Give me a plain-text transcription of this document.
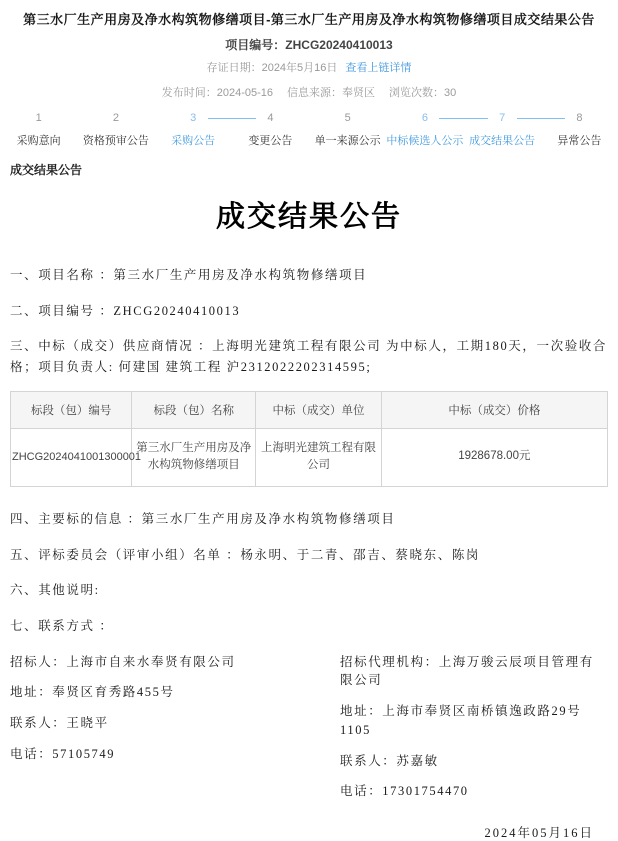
第三水厂生产用房及净水构筑物修缮项目-第三水厂生产用房及净水构筑物修缮项目成交结果公告
项目编号：ZHCG20240410013
存证日期：2024年5月16日 查看上链详情
发布时间：2024-05-16 信息来源：奉贤区 浏览次数：30
1
采购意向
2
资格预审公告
3
采购公告
4
变更公告
5
单一来源公示
6
中标候选人公示
7
成交结果公告
8
异常公告
成交结果公告
成交结果公告
一、项目名称 ：第三水厂生产用房及净水构筑物修缮项目
二、项目编号 ：ZHCG20240410013
三、中标（成交）供应商情况 ：上海明光建筑工程有限公司 为中标人，工期180天，一次验收合格；项目负责人: 何建国 建筑工程 沪2312022202314595;
标段（包）编号	标段（包）名称	中标（成交）单位	中标（成交）价格
ZHCG2024041001300001	第三水厂生产用房及净水构筑物修缮项目	上海明光建筑工程有限公司	1928678.00元
四、主要标的信息 ：第三水厂生产用房及净水构筑物修缮项目
五、评标委员会（评审小组）名单 ：杨永明、于二青、邵吉、蔡晓东、陈岗
六、其他说明:
七、联系方式 ：
招标人：上海市自来水奉贤有限公司
地址：奉贤区育秀路455号
联系人：王晓平
电话：57105749
招标代理机构：上海万骏云辰项目管理有限公司
地址：上海市奉贤区南桥镇逸政路29号1105
联系人：苏嘉敏
电话：17301754470
2024年05月16日
